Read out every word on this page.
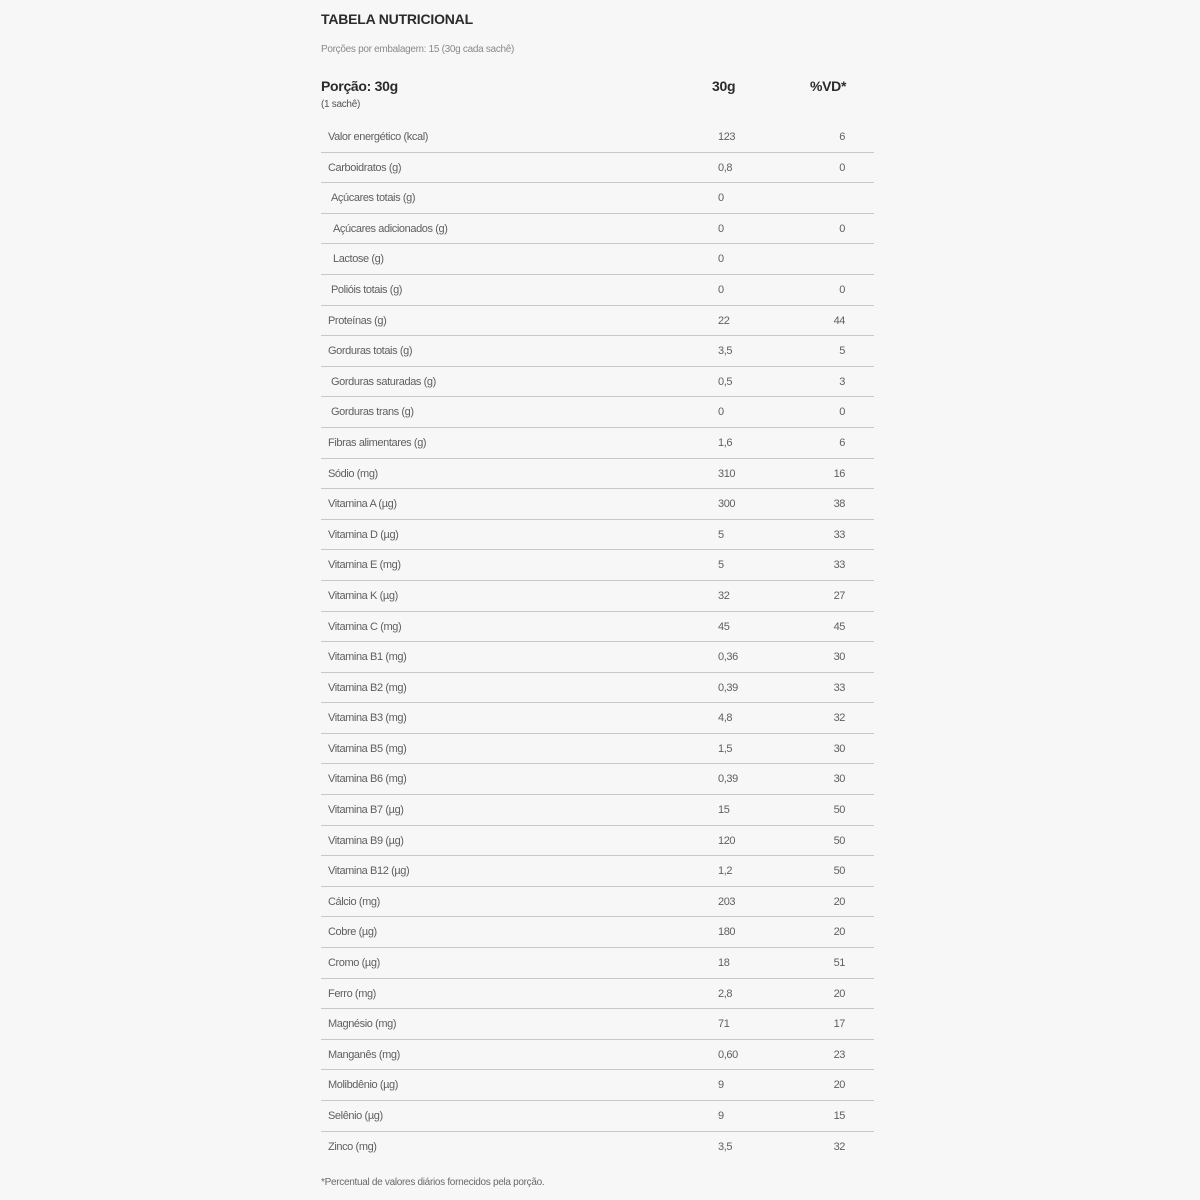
TABELA NUTRICIONAL
Porções por embalagem: 15 (30g cada sachê)
Porção: 30g
(1 sachê)
30g	%VD*
Valor energético (kcal)	123	6
Carboidratos (g)	0,8	0
Açúcares totais (g)	0
Açúcares adicionados (g)	0	0
Lactose (g)	0
Polióis totais (g)	0	0
Proteínas (g)	22	44
Gorduras totais (g)	3,5	5
Gorduras saturadas (g)	0,5	3
Gorduras trans (g)	0	0
Fibras alimentares (g)	1,6	6
Sódio (mg)	310	16
Vitamina A (µg)	300	38
Vitamina D (µg)	5	33
Vitamina E (mg)	5	33
Vitamina K (µg)	32	27
Vitamina C (mg)	45	45
Vitamina B1 (mg)	0,36	30
Vitamina B2 (mg)	0,39	33
Vitamina B3 (mg)	4,8	32
Vitamina B5 (mg)	1,5	30
Vitamina B6 (mg)	0,39	30
Vitamina B7 (µg)	15	50
Vitamina B9 (µg)	120	50
Vitamina B12 (µg)	1,2	50
Cálcio (mg)	203	20
Cobre (µg)	180	20
Cromo (µg)	18	51
Ferro (mg)	2,8	20
Magnésio (mg)	71	17
Manganês (mg)	0,60	23
Molibdênio (µg)	9	20
Selênio (µg)	9	15
Zinco (mg)	3,5	32
*Percentual de valores diários fornecidos pela porção.
